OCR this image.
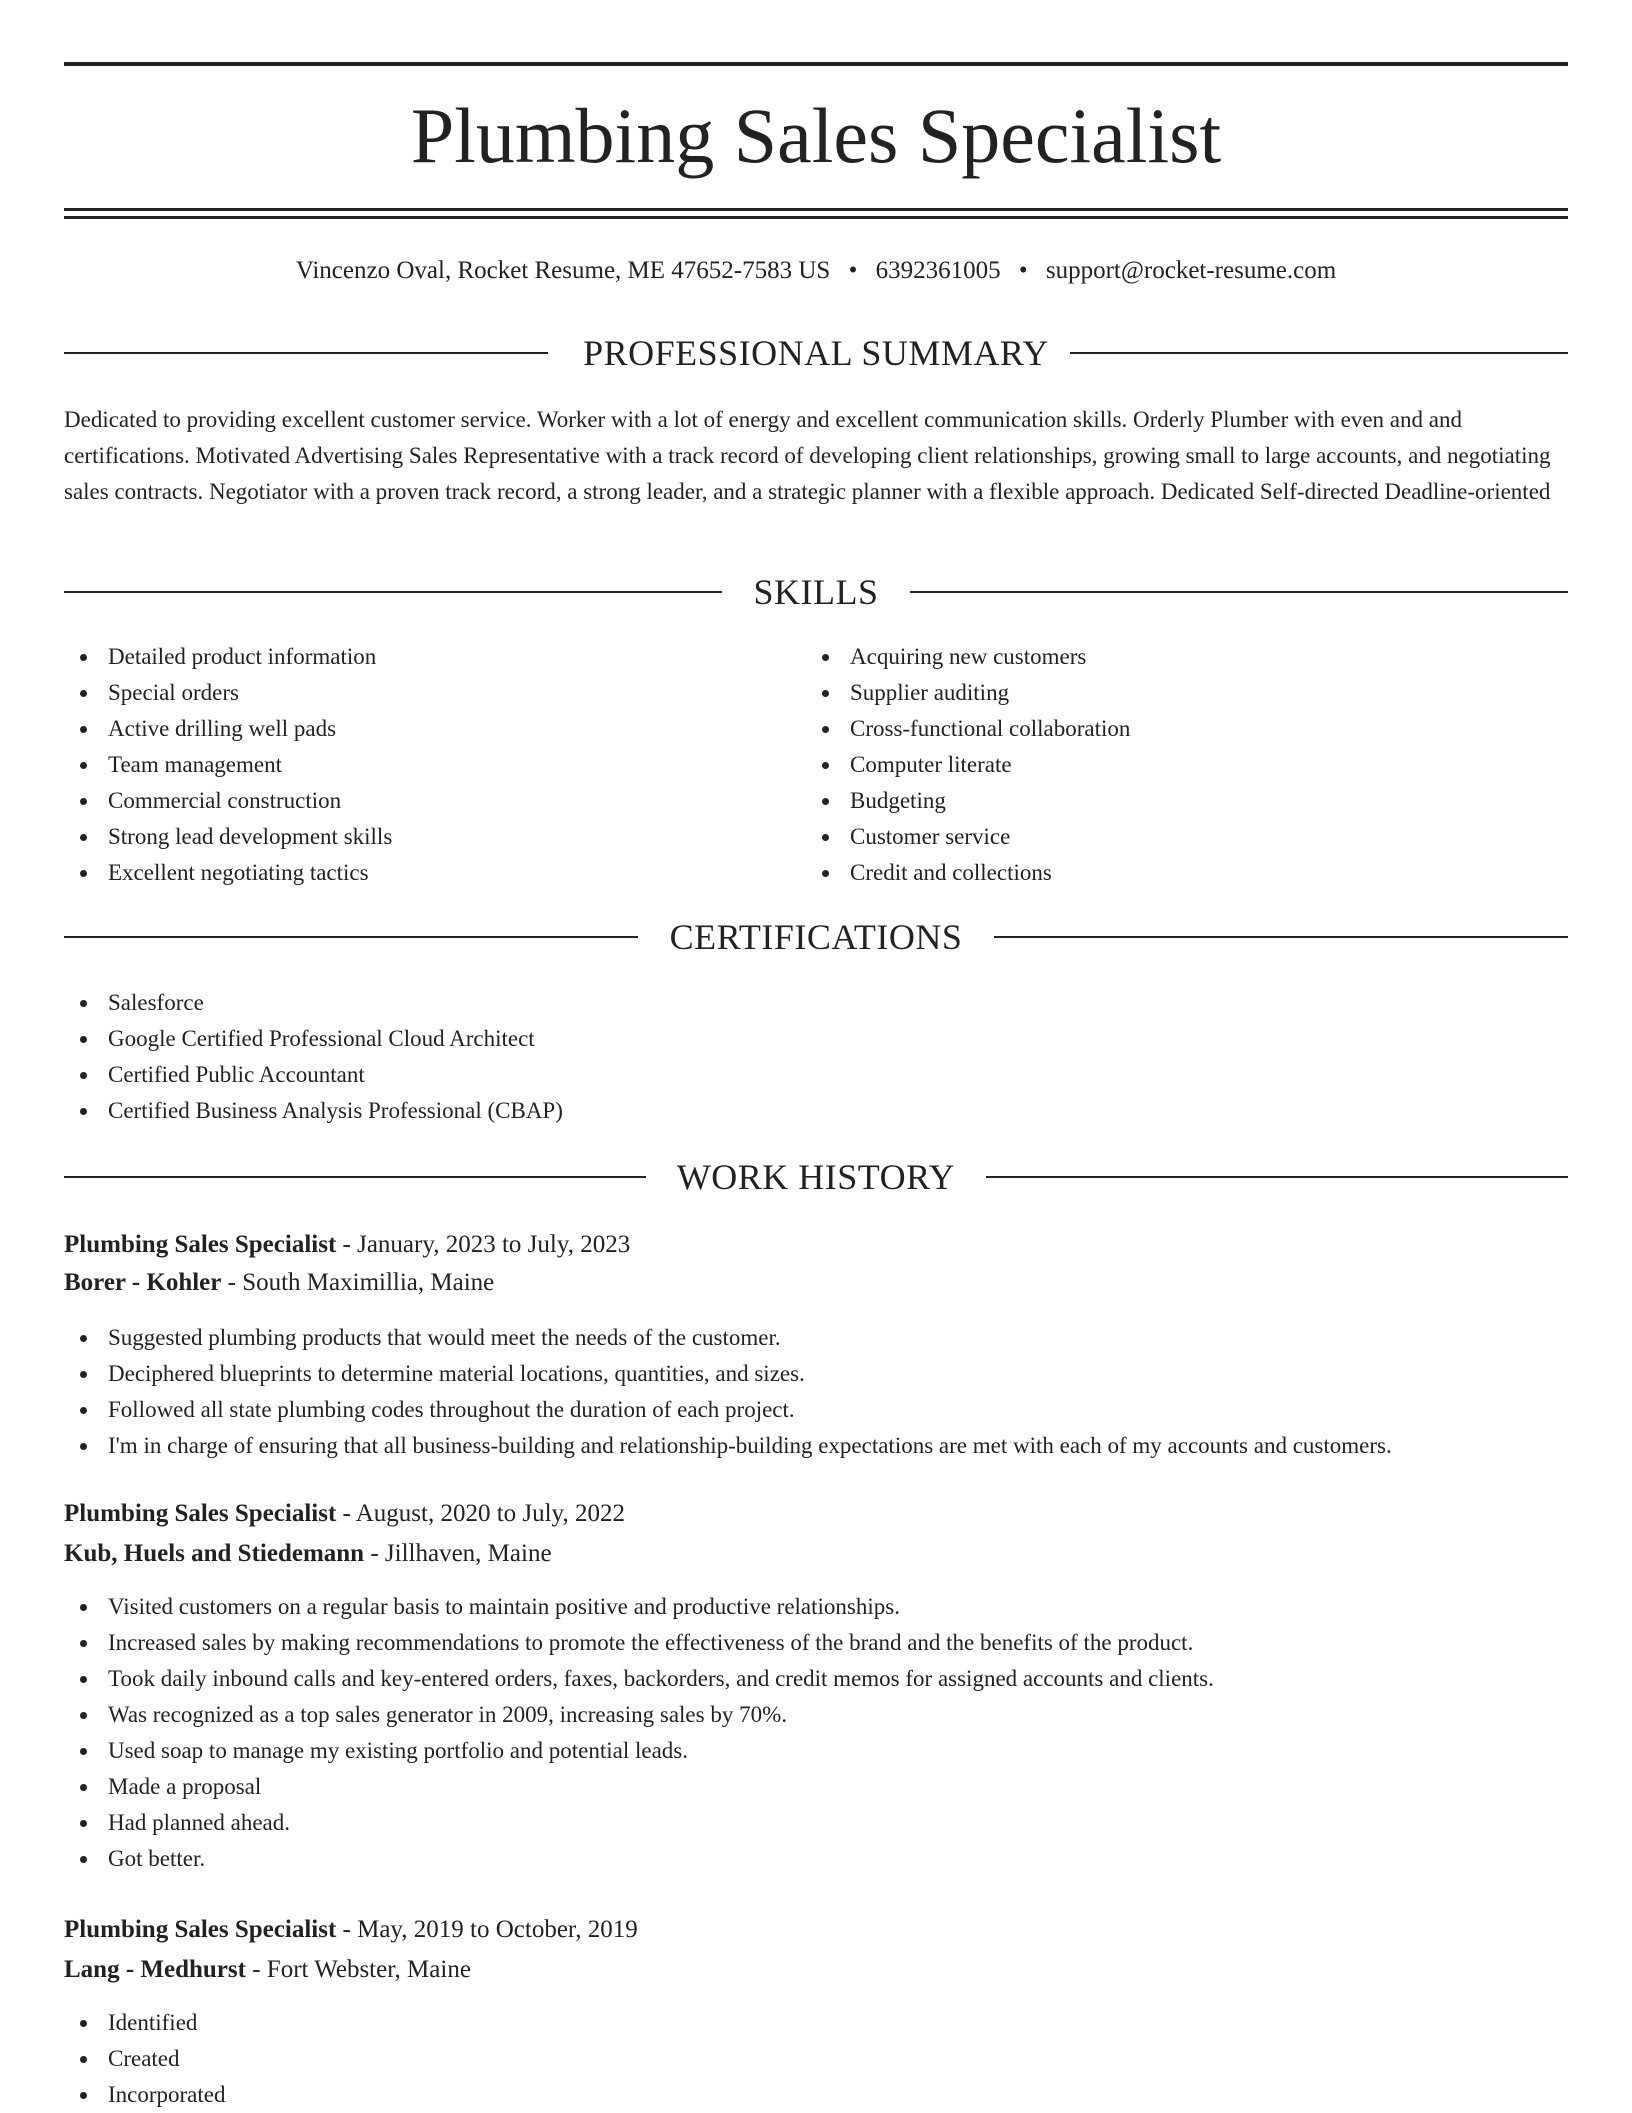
Plumbing Sales Specialist
Vincenzo Oval, Rocket Resume, ME 47652-7583 US • 6392361005 • support@rocket-resume.com
PROFESSIONAL SUMMARY

Dedicated to providing excellent customer service. Worker with a lot of energy and excellent communication skills. Orderly Plumber with even and and certifications. Motivated Advertising Sales Representative with a track record of developing client relationships, growing small to large accounts, and negotiating sales contracts. Negotiator with a proven track record, a strong leader, and a strategic planner with a flexible approach. Dedicated Self-directed Deadline-oriented

SKILLS
Detailed product information
Special orders
Active drilling well pads
Team management
Commercial construction
Strong lead development skills
Excellent negotiating tactics
Acquiring new customers
Supplier auditing
Cross-functional collaboration
Computer literate
Budgeting
Customer service
Credit and collections
CERTIFICATIONS
Salesforce
Google Certified Professional Cloud Architect
Certified Public Accountant
Certified Business Analysis Professional (CBAP)
WORK HISTORY
Plumbing Sales Specialist - January, 2023 to July, 2023
Borer - Kohler - South Maximillia, Maine
Suggested plumbing products that would meet the needs of the customer.
Deciphered blueprints to determine material locations, quantities, and sizes.
Followed all state plumbing codes throughout the duration of each project.
I'm in charge of ensuring that all business-building and relationship-building expectations are met with each of my accounts and customers.
Plumbing Sales Specialist - August, 2020 to July, 2022
Kub, Huels and Stiedemann - Jillhaven, Maine
Visited customers on a regular basis to maintain positive and productive relationships.
Increased sales by making recommendations to promote the effectiveness of the brand and the benefits of the product.
Took daily inbound calls and key-entered orders, faxes, backorders, and credit memos for assigned accounts and clients.
Was recognized as a top sales generator in 2009, increasing sales by 70%.
Used soap to manage my existing portfolio and potential leads.
Made a proposal
Had planned ahead.
Got better.
Plumbing Sales Specialist - May, 2019 to October, 2019
Lang - Medhurst - Fort Webster, Maine
Identified
Created
Incorporated
